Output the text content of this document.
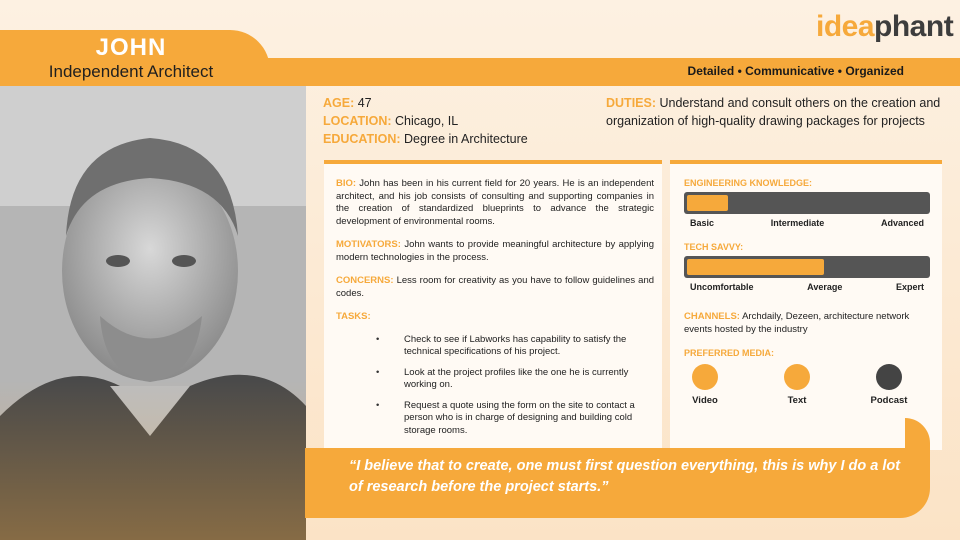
JOHN
Independent Architect	Detailed • Communicative • Organized
ideaphant
AGE: 47
LOCATION: Chicago, IL
EDUCATION: Degree in Architecture
DUTIES: Understand and consult others on the creation and organization of high-quality drawing packages for projects
BIO: John has been in his current field for 20 years. He is an independent architect, and his job consists of consulting and supporting companies in the creation of standardized blueprints to advance the strategic development of environmental rooms.
MOTIVATORS: John wants to provide meaningful architecture by applying modern technologies in the process.
CONCERNS: Less room for creativity as you have to follow guidelines and codes.
TASKS:
• Check to see if Labworks has capability to satisfy the technical specifications of his project.
• Look at the project profiles like the one he is currently working on.
• Request a quote using the form on the site to contact a person who is in charge of designing and building cold storage rooms.
ENGINEERING KNOWLEDGE:
Basic	Intermediate	Advanced
TECH SAVVY:
Uncomfortable	Average	Expert
CHANNELS: Archdaily, Dezeen, architecture network events hosted by the industry
PREFERRED MEDIA:
Video	Text	Podcast
“I believe that to create, one must first question everything, this is why I do a lot of research before the project starts.”
